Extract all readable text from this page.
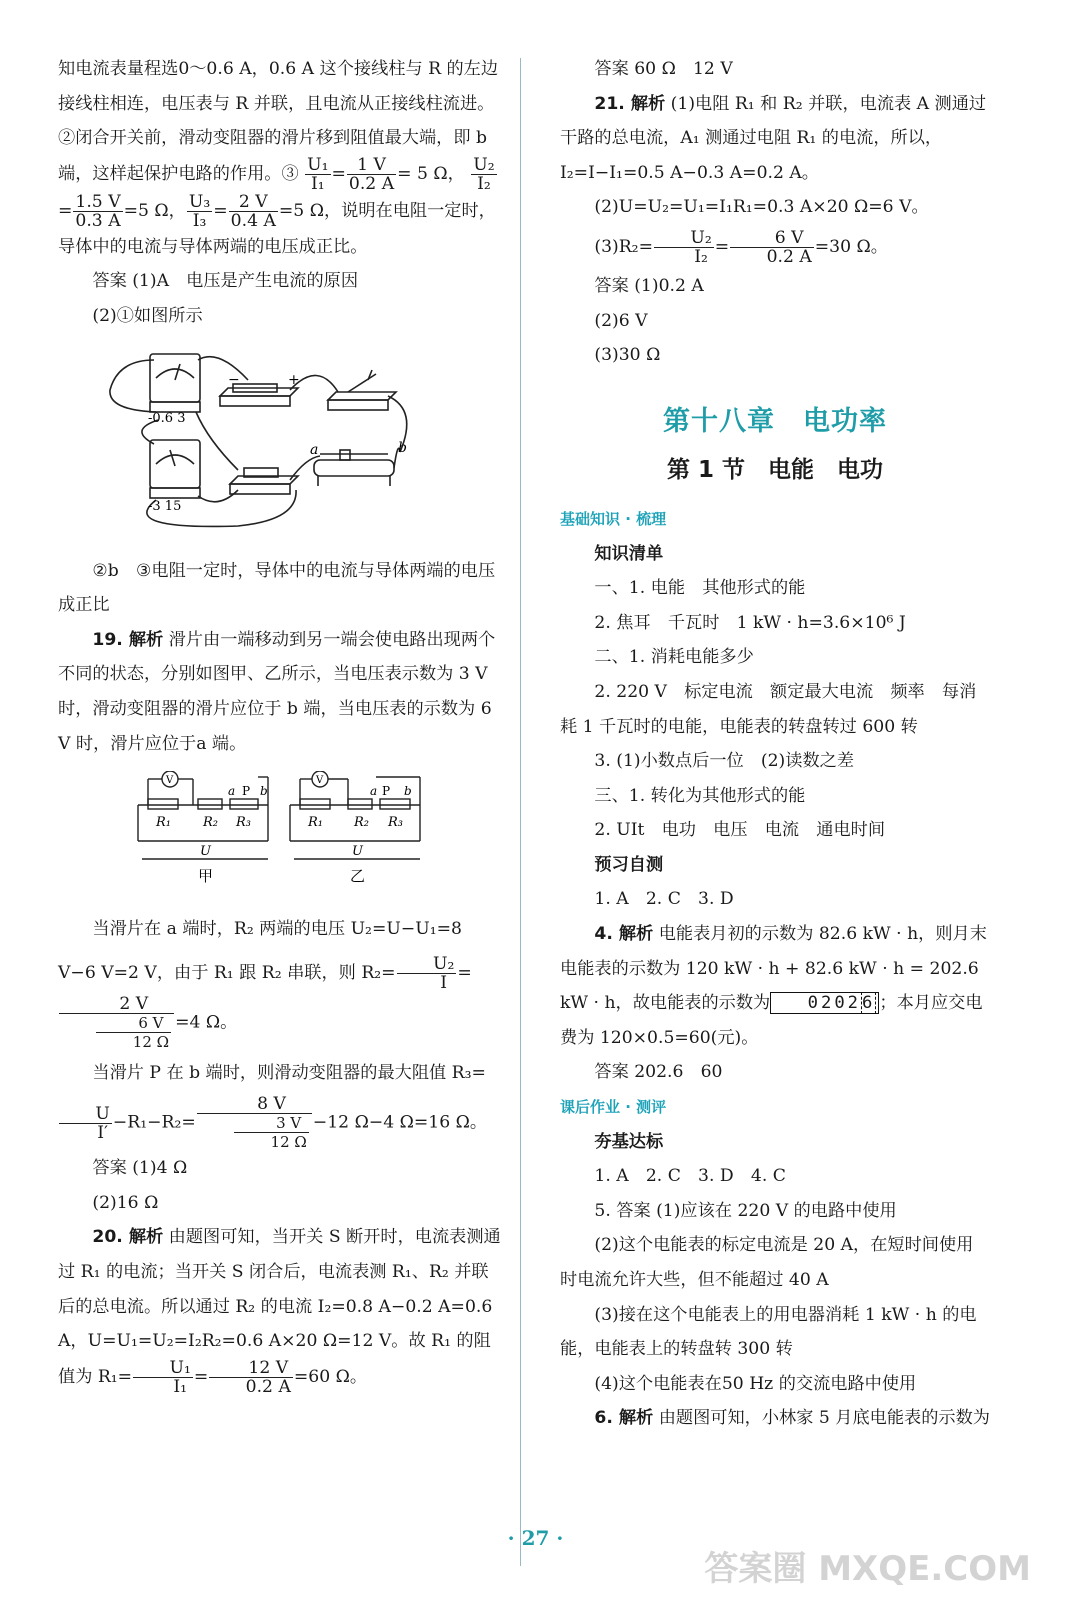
知电流表量程选0～0.6 A，0.6 A 这个接线柱与 R 的左边接线柱相连，电压表与 R 并联，且电流从正接线柱流进。②闭合开关前，滑动变阻器的滑片移到阻值最大端，即 b 端，这样起保护电路的作用。③ $\frac{\text{U₁}}{\text{I₁}} = \frac{1 V}{0.2 A} = 5$ Ω， $\frac{\text{U₂}}{\text{I₂}}$
= $\frac{1.5 V}{0.3 A} =5$ Ω， $\frac{\text{U₃}}{\text{I₃}} = \frac{2 V}{0.4 A} =5$ Ω，说明在电阻一定时，导体中的电流与导体两端的电压成正比。

答案 (1)A　电压是产生电流的原因

(2)①如图所示

-0.6 3
-3 15
a	b
−	+

②b　③电阻一定时，导体中的电流与导体两端的电压成正比

19. 解析 滑片由一端移动到另一端会使电路出现两个不同的状态，分别如图甲、乙所示，当电压表示数为 3 V 时，滑动变阻器的滑片应位于 b 端，当电压表的示数为 6 V 时，滑片应位于a 端。

V	V
R₁ R₂ R₃
a P b
U
甲
R₁ R₂ R₃
a P b
U
乙

当滑片在 a 端时，R₂ 两端的电压 U₂=U−U₁=8 V−6 V=2 V，由于 R₁ 跟 R₂ 串联，则 $R_2= \frac{\text{U₂}}{I}$ =
$\frac{2 V}{\frac{6 V}{12 \Omega}} =4$ Ω。

当滑片 P 在 b 端时，则滑动变阻器的最大阻值 R₃=
$\frac{U}{I'} -R_1-R_2= \frac{8 V}{\frac{3 V}{12 \Omega}} -12$ Ω−4 Ω=16 Ω。

答案 (1)4 Ω

(2)16 Ω

20. 解析 由题图可知，当开关 S 断开时，电流表测通过 R₁ 的电流；当开关 S 闭合后，电流表测 R₁、R₂ 并联后的总电流。所以通过 R₂ 的电流 I₂=0.8 A−0.2 A=0.6 A，U=U₁=U₂=I₂R₂=0.6 A×20 Ω=12 V。故 R₁ 的阻值为 $R_1= \frac{\text{U₁}}{\text{I₁}} = \frac{12 V}{0.2 A} =60$ Ω。

答案 60 Ω　12 V

21. 解析 (1)电阻 R₁ 和 R₂ 并联，电流表 A 测通过干路的总电流，A₁ 测通过电阻 R₁ 的电流，所以，I₂=I−I₁=0.5 A−0.3 A=0.2 A。

(2)U=U₂=U₁=I₁R₁=0.3 A×20 Ω=6 V。

$(3)R_2= \frac{\text{U₂}}{\text{I₂}} = \frac{6 V}{0.2 A} =30$ Ω。

答案 (1)0.2 A

(2)6 V

(3)30 Ω

第十八章　电功率
第 1 节　电能　电功

基础知识 · 梳理

知识清单

一、1. 电能　其他形式的能

2. 焦耳　千瓦时　1 kW · h=3.6×10⁶ J

二、1. 消耗电能多少

2. 220 V　标定电流　额定最大电流　频率　每消耗 1 千瓦时的电能，电能表的转盘转过 600 转

3. (1)小数点后一位　(2)读数之差

三、1. 转化为其他形式的能

2. UIt　电功　电压　电流　通电时间

预习自测

1. A　2. C　3. D

4. 解析 电能表月初的示数为 82.6 kW · h，则月末电能表的示数为 120 kW · h + 82.6 kW · h = 202.6 kW · h，故电能表的示数为 02026 ；本月应交电费为 120×0.5=60(元)。

答案 202.6　60

课后作业 · 测评

夯基达标

1. A　2. C　3. D　4. C

5. 答案 (1)应该在 220 V 的电路中使用

(2)这个电能表的标定电流是 20 A，在短时间使用时电流允许大些，但不能超过 40 A

(3)接在这个电能表上的用电器消耗 1 kW · h 的电能，电能表上的转盘转 300 转

(4)这个电能表在50 Hz 的交流电路中使用

6. 解析 由题图可知，小林家 5 月底电能表的示数为

· 27 ·
答案圈 MXQE.COM
